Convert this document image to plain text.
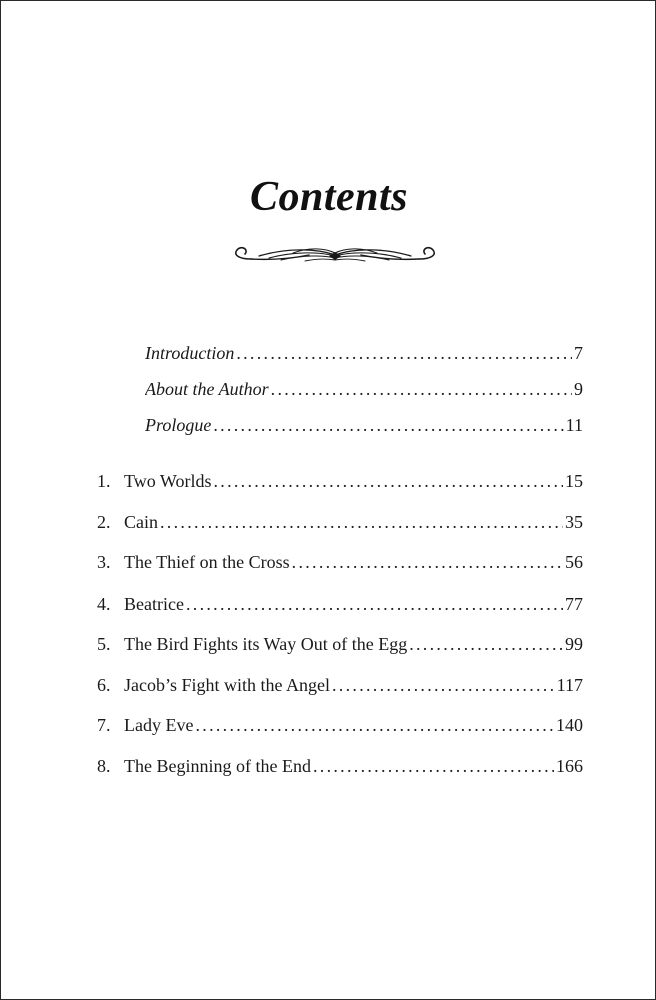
Contents
Introduction . . .	7
About the Author . . .	9
Prologue . . .	11
1. Two Worlds . . .	15
2. Cain . . .	35
3. The Thief on the Cross . . .	56
4. Beatrice . . .	77
5. The Bird Fights its Way Out of the Egg . . .	99
6. Jacob’s Fight with the Angel . . .	117
7. Lady Eve . . .	140
8. The Beginning of the End . . .	166
